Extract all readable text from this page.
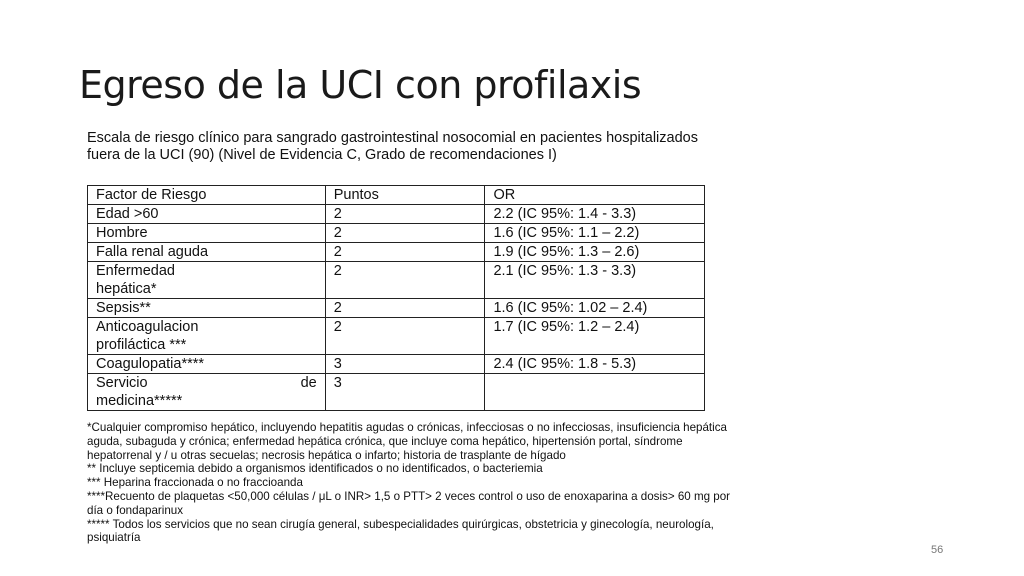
Egreso de la UCI con profilaxis
Escala de riesgo clínico para sangrado gastrointestinal nosocomial en pacientes hospitalizados
fuera de la UCI (90) (Nivel de Evidencia C, Grado de recomendaciones I)
Factor de Riesgo	Puntos	OR

Edad >60	2	2.2 (IC 95%: 1.4 - 3.3)

Hombre	2	1.6 (IC 95%: 1.1 – 2.2)

Falla renal aguda	2	1.9 (IC 95%: 1.3 – 2.6)

Enfermedad
hepática*	2	2.1 (IC 95%: 1.3 - 3.3)

Sepsis**	2	1.6 (IC 95%: 1.02 – 2.4)

Anticoagulacion
profiláctica ***	2	1.7 (IC 95%: 1.2 – 2.4)

Coagulopatia****	3	2.4 (IC 95%: 1.8 - 5.3)

Servicio de
medicina*****	3	

*Cualquier compromiso hepático, incluyendo hepatitis agudas o crónicas, infecciosas o no infecciosas, insuficiencia hepática aguda, subaguda y crónica; enfermedad hepática crónica, que incluye coma hepático, hipertensión portal, síndrome hepatorrenal y / u otras secuelas; necrosis hepática o infarto; historia de trasplante de hígado

** Incluye septicemia debido a organismos identificados o no identificados, o bacteriemia

*** Heparina fraccionada o no fraccioanda

****Recuento de plaquetas <50,000 células / μL o INR> 1,5 o PTT> 2 veces control o uso de enoxaparina a dosis> 60 mg por día o fondaparinux

***** Todos los servicios que no sean cirugía general, subespecialidades quirúrgicas, obstetricia y ginecología, neurología, psiquiatría

56
